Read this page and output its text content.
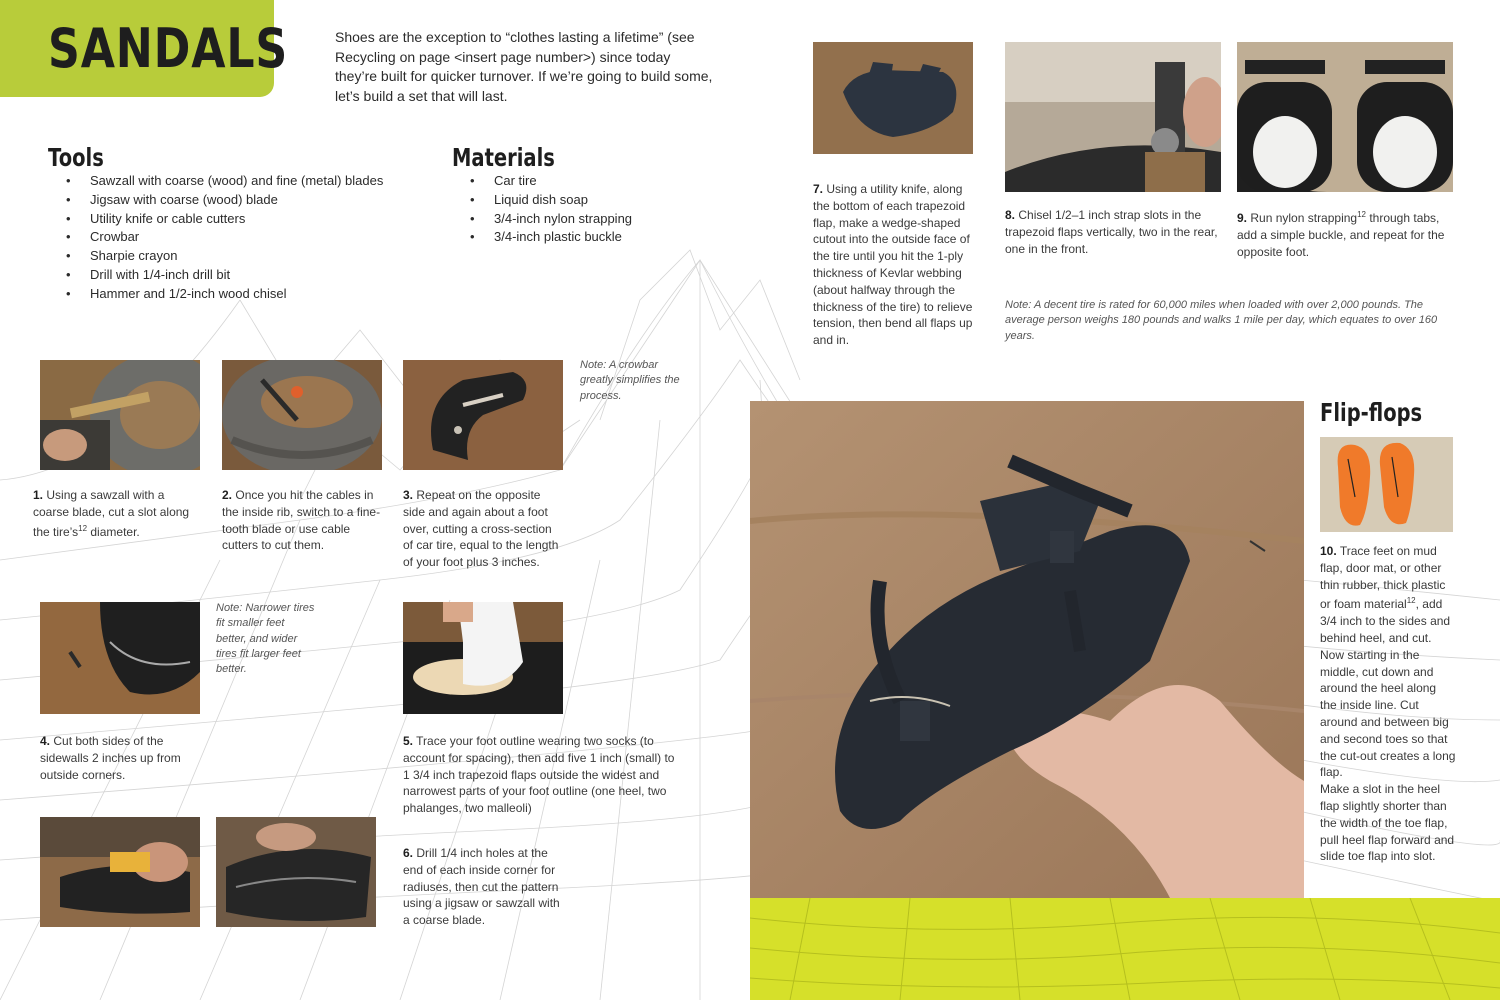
SANDALS	Shoes are the exception to “clothes lasting a lifetime” (see Recycling on page <insert page number>) since today they’re built for quicker turnover. If we’re going to build some, let’s build a set that will last.
Tools
• Sawzall with coarse (wood) and fine (metal) blades
• Jigsaw with coarse (wood) blade
• Utility knife or cable cutters
• Crowbar
• Sharpie crayon
• Drill with 1/4-inch drill bit
• Hammer and 1/2-inch wood chisel
Materials
• Car tire
• Liquid dish soap
• 3/4-inch nylon strapping
• 3/4-inch plastic buckle
Note: A crowbar greatly simplifies the process.
1. Using a sawzall with a coarse blade, cut a slot along the $tire’s^{12}$ diameter.
2. Once you hit the cables in the inside rib, switch to a fine-tooth blade or use cable cutters to cut them.
3. Repeat on the opposite side and again about a foot over, cutting a cross-section of car tire, equal to the length of your foot plus 3 inches.
Note: Narrower tires fit smaller feet better, and wider tires fit larger feet better.
4. Cut both sides of the sidewalls 2 inches up from outside corners.
5. Trace your foot outline wearing two socks (to account for spacing), then add five 1 inch (small) to 1 3/4 inch trapezoid flaps outside the widest and narrowest parts of your foot outline (one heel, two phalanges, two malleoli)
6. Drill 1/4 inch holes at the end of each inside corner for radiuses, then cut the pattern using a jigsaw or sawzall with a coarse blade.
7. Using a utility knife, along the bottom of each trapezoid flap, make a wedge-shaped cutout into the outside face of the tire until you hit the 1-ply thickness of Kevlar webbing (about halfway through the thickness of the tire) to relieve tension, then bend all flaps up and in.
8. Chisel 1/2–1 inch strap slots in the trapezoid flaps vertically, two in the rear, one in the front.
9. Run nylon strapping$^{12}$ through tabs, add a simple buckle, and repeat for the opposite foot.
Note: A decent tire is rated for 60,000 miles when loaded with over 2,000 pounds. The average person weighs 180 pounds and walks 1 mile per day, which equates to over 160 years.
Flip-flops
10. Trace feet on mud flap, door mat, or other thin rubber, thick plastic or foam material$^{12}$, add 3/4 inch to the sides and behind heel, and cut.
Now starting in the middle, cut down and around the heel along the inside line. Cut around and between big and second toes so that the cut-out creates a long flap.
Make a slot in the heel flap slightly shorter than the width of the toe flap, pull heel flap forward and slide toe flap into slot.
